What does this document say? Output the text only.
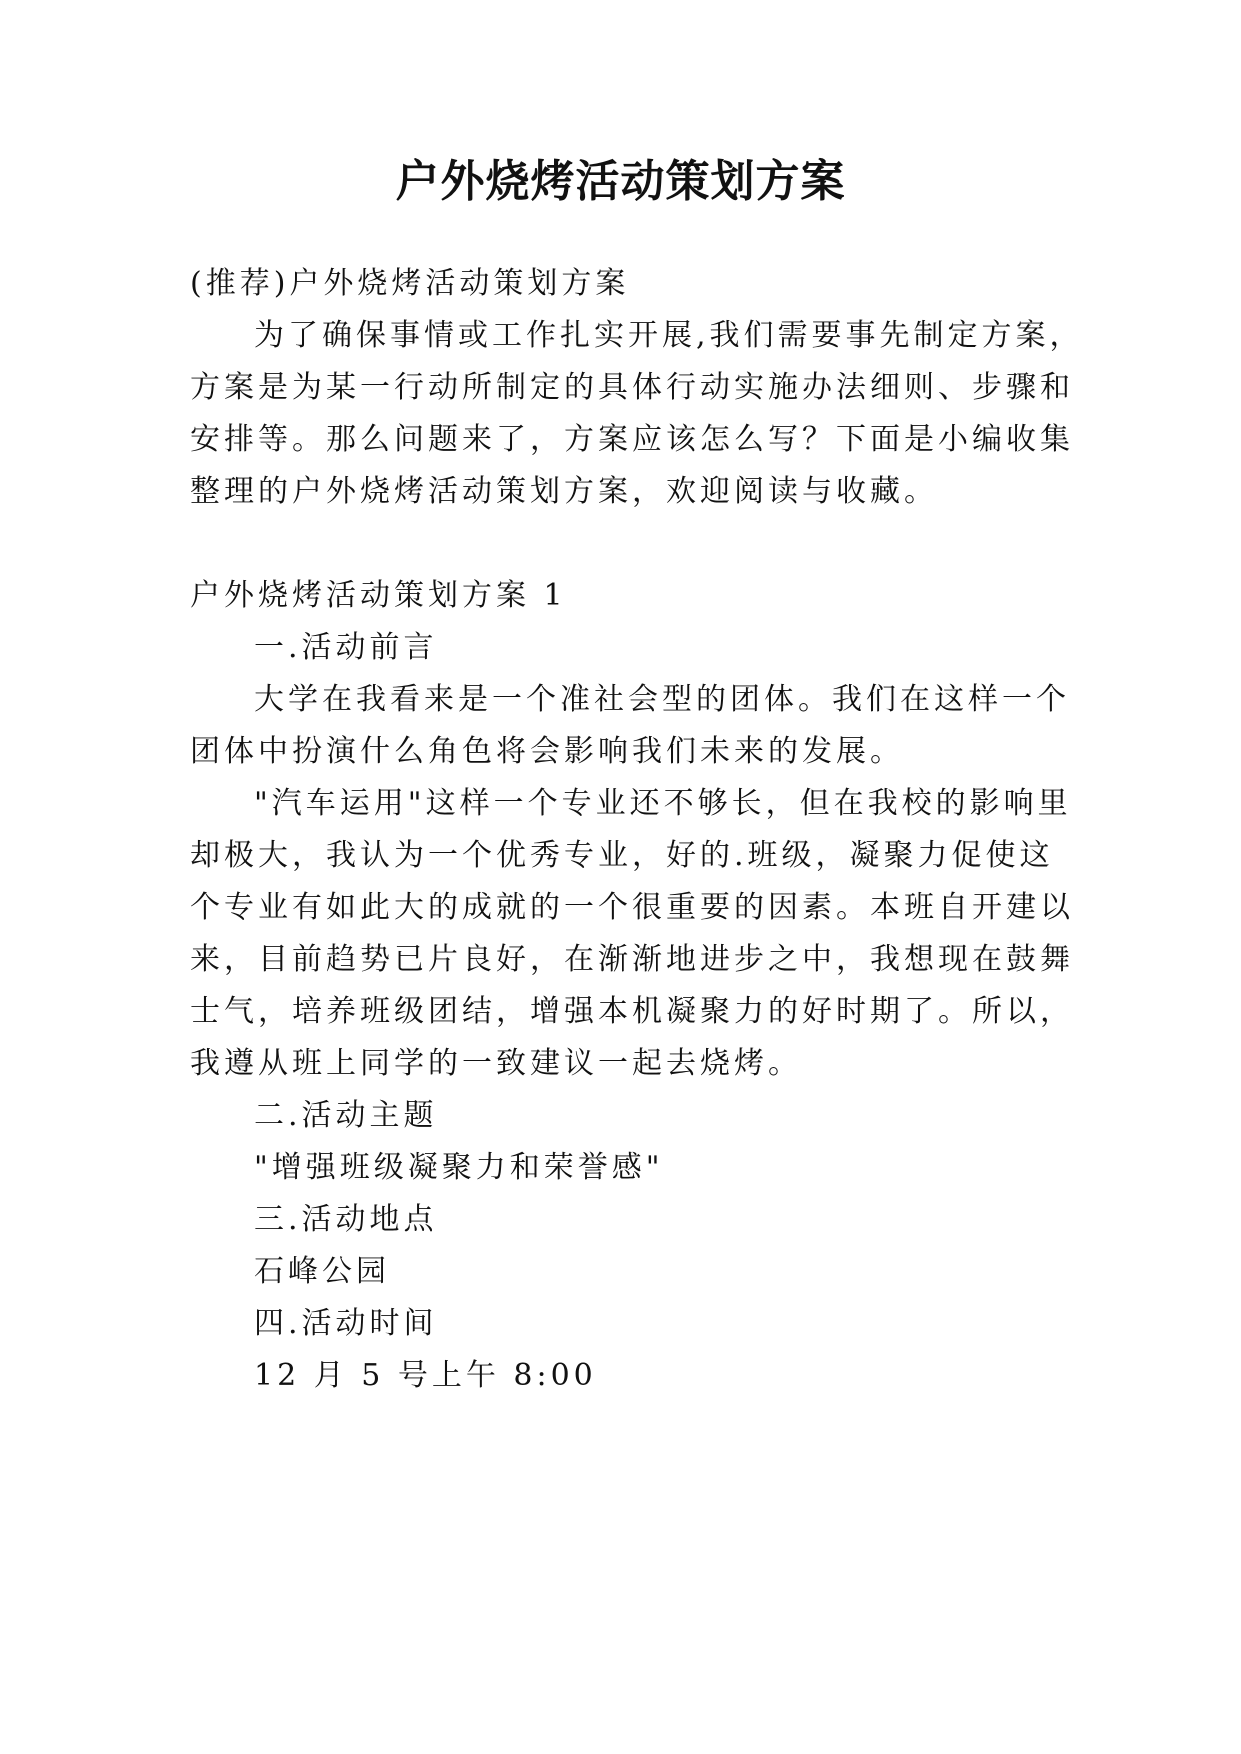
户外烧烤活动策划方案
(推荐)户外烧烤活动策划方案
为了确保事情或工作扎实开展,我们需要事先制定方案，
方案是为某一行动所制定的具体行动实施办法细则、步骤和
安排等。那么问题来了，方案应该怎么写？下面是小编收集
整理的户外烧烤活动策划方案，欢迎阅读与收藏。
户外烧烤活动策划方案 1
一.活动前言
大学在我看来是一个准社会型的团体。我们在这样一个
团体中扮演什么角色将会影响我们未来的发展。
"汽车运用"这样一个专业还不够长，但在我校的影响里
却极大，我认为一个优秀专业，好的.班级，凝聚力促使这
个专业有如此大的成就的一个很重要的因素。本班自开建以
来，目前趋势已片良好，在渐渐地进步之中，我想现在鼓舞
士气，培养班级团结，增强本机凝聚力的好时期了。所以，
我遵从班上同学的一致建议一起去烧烤。
二.活动主题
"增强班级凝聚力和荣誉感"
三.活动地点
石峰公园
四.活动时间
12 月 5 号上午 8:00
